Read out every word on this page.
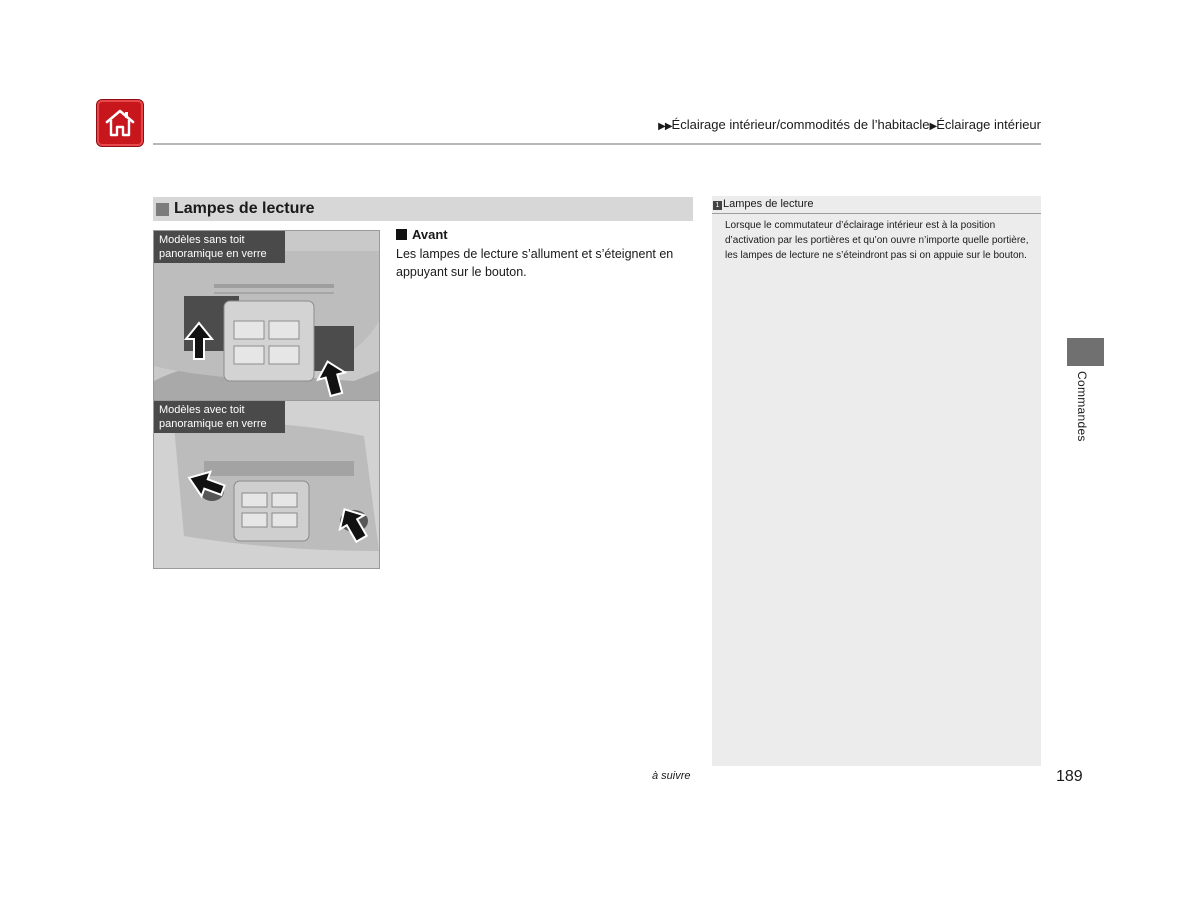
▶▶Éclairage intérieur/commodités de l’habitacle▶Éclairage intérieur
Lampes de lecture
Modèles sans toit panoramique en verre
Modèles avec toit panoramique en verre
Avant
Les lampes de lecture s’allument et s’éteignent en appuyant sur le bouton.
1 Lampes de lecture
Lorsque le commutateur d’éclairage intérieur est à la position d’activation par les portières et qu’on ouvre n’importe quelle portière, les lampes de lecture ne s’éteindront pas si on appuie sur le bouton.
Commandes
à suivre	189
